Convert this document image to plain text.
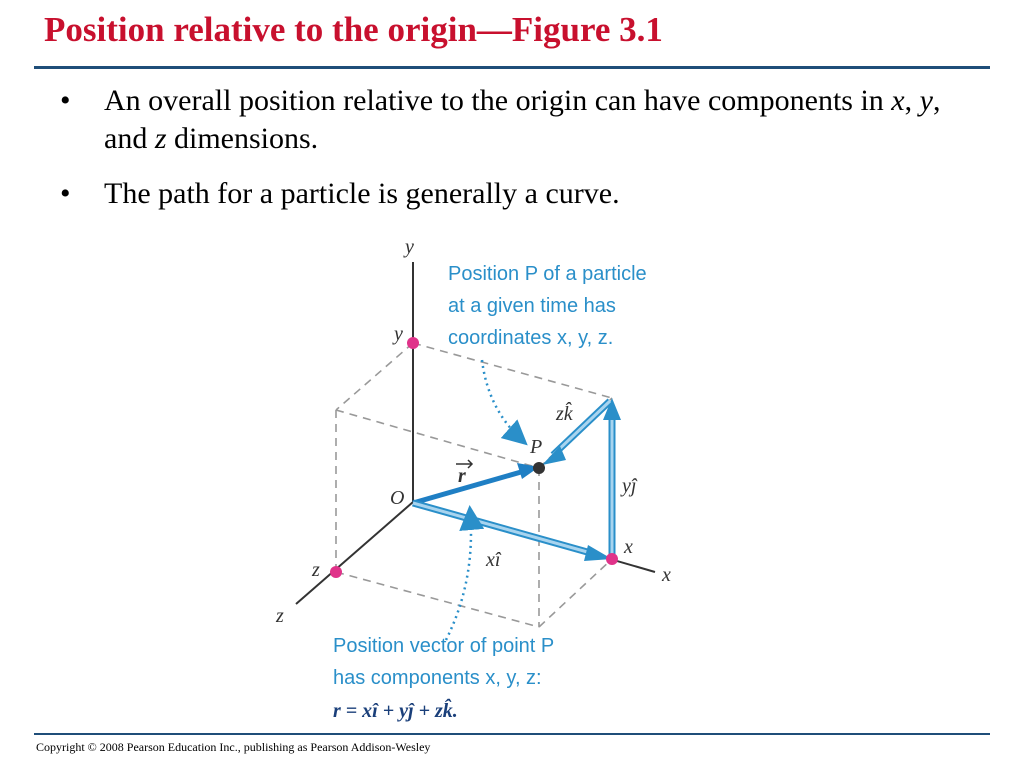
Position relative to the origin—Figure 3.1
• An overall position relative to the origin can have components in x, y, and z dimensions.
• The path for a particle is generally a curve.
y
x
z
O
y
x
z
P
r
xî
yĵ
zk̂
Position P of a particle
at a given time has
coordinates x, y, z.
Position vector of point P
has components x, y, z:
r = xî + yĵ + zk̂.
Copyright © 2008 Pearson Education Inc., publishing as Pearson Addison-Wesley
